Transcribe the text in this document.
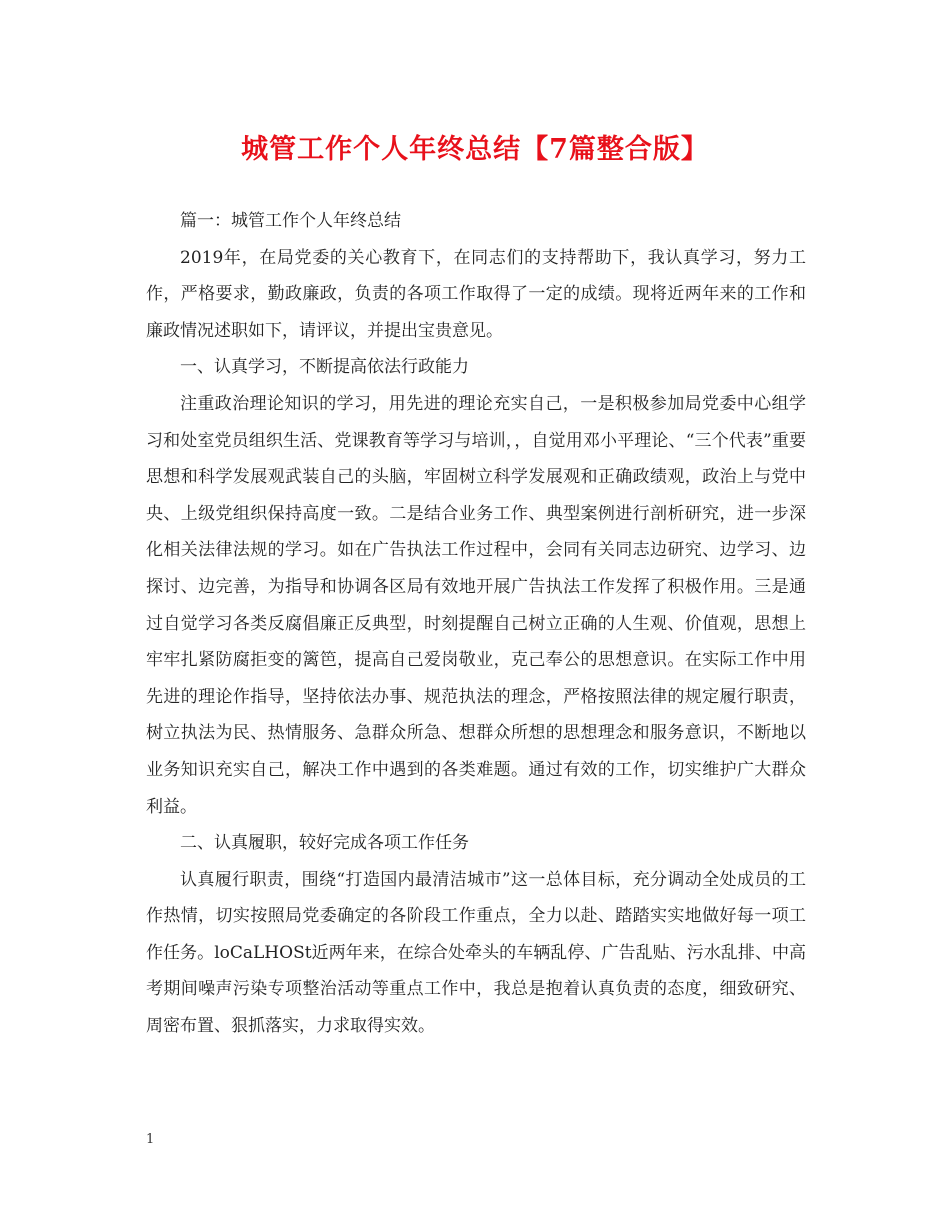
城管工作个人年终总结【7篇整合版】

篇一：城管工作个人年终总结

2019年，在局党委的关心教育下，在同志们的支持帮助下，我认真学习，努力工作，严格要求，勤政廉政，负责的各项工作取得了一定的成绩。现将近两年来的工作和廉政情况述职如下，请评议，并提出宝贵意见。

一、认真学习，不断提高依法行政能力

注重政治理论知识的学习，用先进的理论充实自己，一是积极参加局党委中心组学习和处室党员组织生活、党课教育等学习与培训，，自觉用邓小平理论、“三个代表”重要思想和科学发展观武装自己的头脑，牢固树立科学发展观和正确政绩观，政治上与党中央、上级党组织保持高度一致。二是结合业务工作、典型案例进行剖析研究，进一步深化相关法律法规的学习。如在广告执法工作过程中，会同有关同志边研究、边学习、边探讨、边完善，为指导和协调各区局有效地开展广告执法工作发挥了积极作用。三是通过自觉学习各类反腐倡廉正反典型，时刻提醒自己树立正确的人生观、价值观，思想上牢牢扎紧防腐拒变的篱笆，提高自己爱岗敬业，克己奉公的思想意识。在实际工作中用先进的理论作指导，坚持依法办事、规范执法的理念，严格按照法律的规定履行职责，树立执法为民、热情服务、急群众所急、想群众所想的思想理念和服务意识，不断地以业务知识充实自己，解决工作中遇到的各类难题。通过有效的工作，切实维护广大群众利益。

二、认真履职，较好完成各项工作任务

认真履行职责，围绕“打造国内最清洁城市”这一总体目标，充分调动全处成员的工作热情，切实按照局党委确定的各阶段工作重点，全力以赴、踏踏实实地做好每一项工作任务。loCaLHOSt近两年来，在综合处牵头的车辆乱停、广告乱贴、污水乱排、中高考期间噪声污染专项整治活动等重点工作中，我总是抱着认真负责的态度，细致研究、周密布置、狠抓落实，力求取得实效。

1
